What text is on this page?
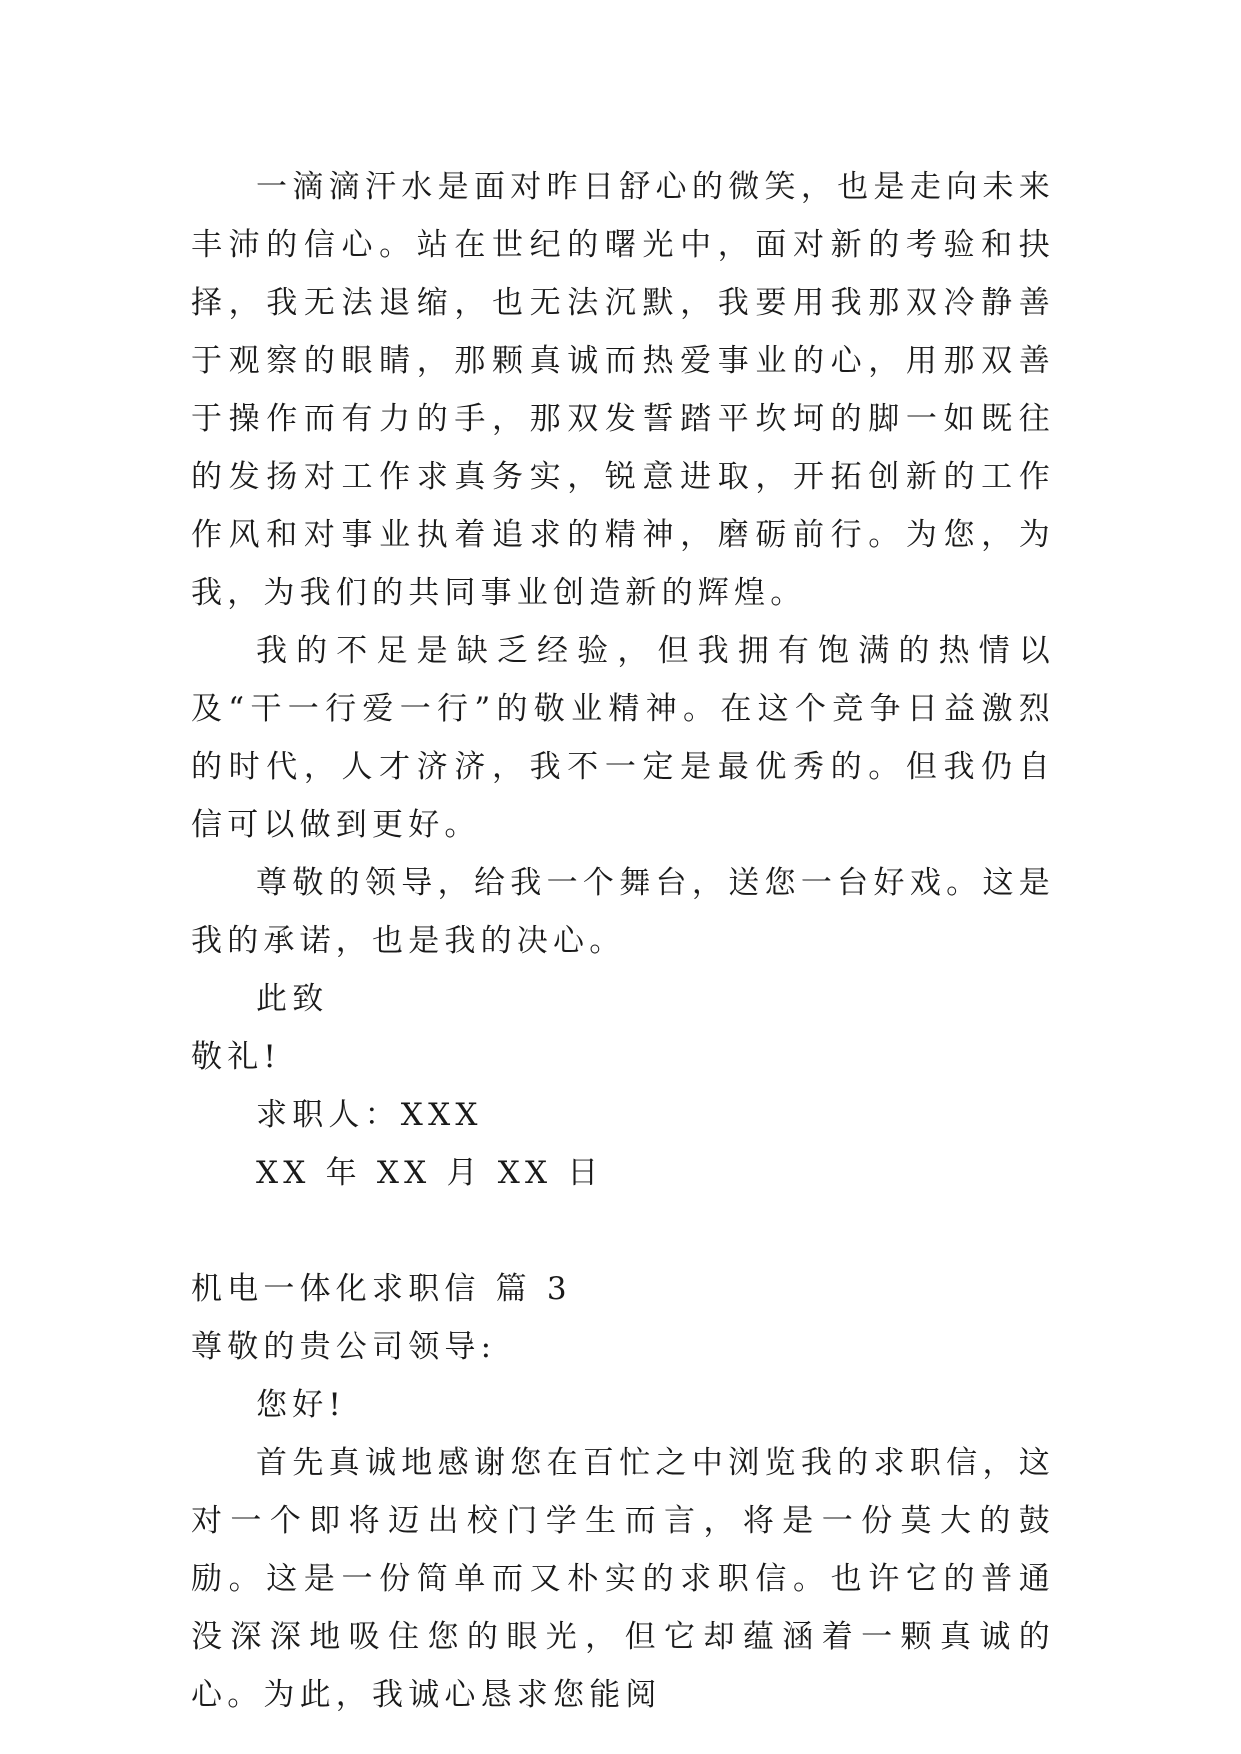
一滴滴汗水是面对昨日舒心的微笑，也是走向未来丰沛的信心。站在世纪的曙光中，面对新的考验和抉择，我无法退缩，也无法沉默，我要用我那双冷静善于观察的眼睛，那颗真诚而热爱事业的心，用那双善于操作而有力的手，那双发誓踏平坎坷的脚一如既往的发扬对工作求真务实，锐意进取，开拓创新的工作作风和对事业执着追求的精神，磨砺前行。为您，为我，为我们的共同事业创造新的辉煌。

我的不足是缺乏经验，但我拥有饱满的热情以及“干一行爱一行”的敬业精神。在这个竞争日益激烈的时代，人才济济，我不一定是最优秀的。但我仍自信可以做到更好。

尊敬的领导，给我一个舞台，送您一台好戏。这是我的承诺，也是我的决心。

此致

敬礼!

求职人：XXX

XX 年 XX 月 XX 日

机电一体化求职信 篇 3

尊敬的贵公司领导:

您好!

首先真诚地感谢您在百忙之中浏览我的求职信，这对一个即将迈出校门学生而言，将是一份莫大的鼓励。这是一份简单而又朴实的求职信。也许它的普通没深深地吸住您的眼光，但它却蕴涵着一颗真诚的心。为此，我诚心恳求您能阅
